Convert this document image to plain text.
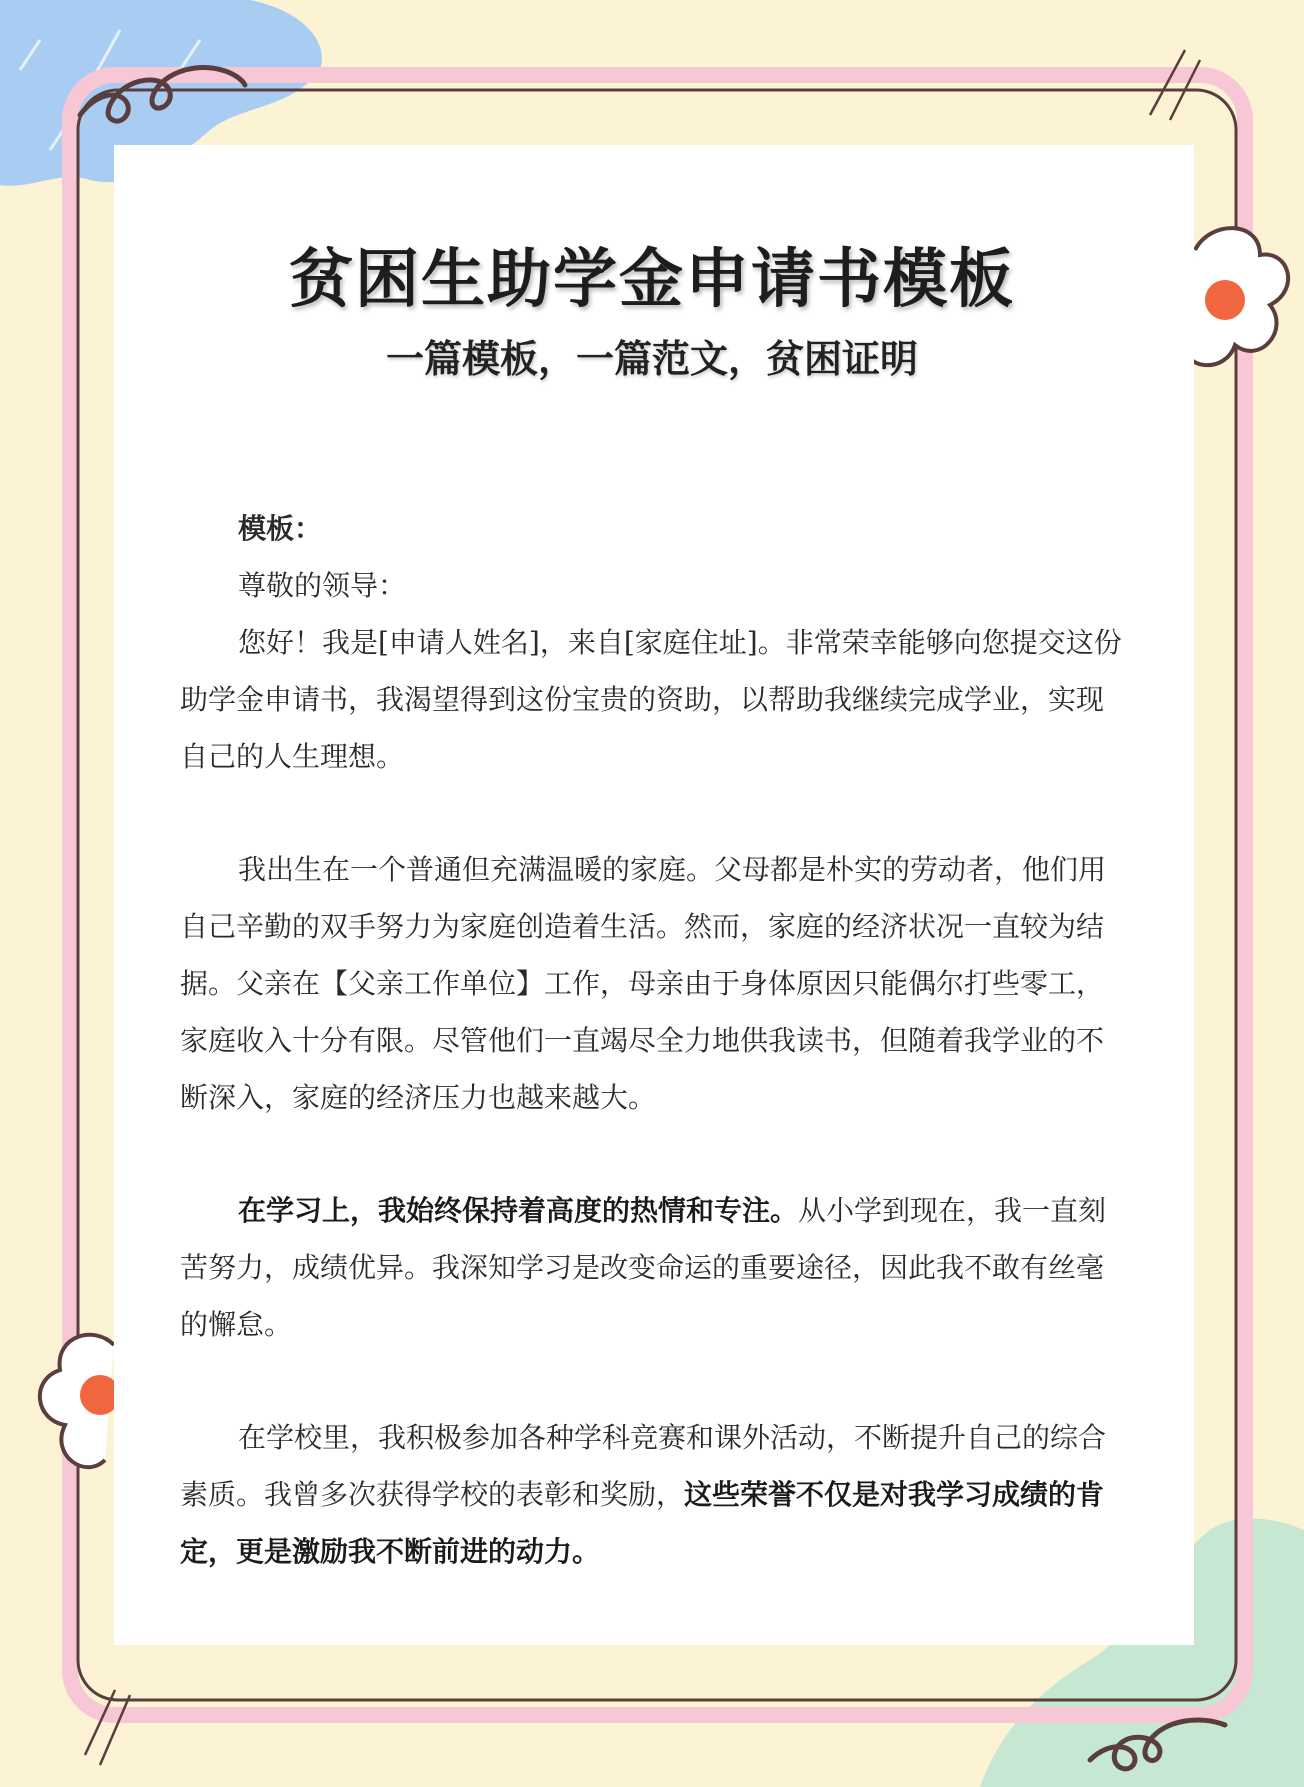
贫困生助学金申请书模板
一篇模板，一篇范文，贫困证明

模板：

尊敬的领导：

您好！我是[申请人姓名]，来自[家庭住址]。非常荣幸能够向您提交这份助学金申请书，我渴望得到这份宝贵的资助，以帮助我继续完成学业，实现自己的人生理想。

我出生在一个普通但充满温暖的家庭。父母都是朴实的劳动者，他们用自己辛勤的双手努力为家庭创造着生活。然而，家庭的经济状况一直较为结据。父亲在【父亲工作单位】工作，母亲由于身体原因只能偶尔打些零工，家庭收入十分有限。尽管他们一直竭尽全力地供我读书，但随着我学业的不断深入，家庭的经济压力也越来越大。

在学习上，我始终保持着高度的热情和专注。从小学到现在，我一直刻苦努力，成绩优异。我深知学习是改变命运的重要途径，因此我不敢有丝毫的懈怠。

在学校里，我积极参加各种学科竞赛和课外活动，不断提升自己的综合素质。我曾多次获得学校的表彰和奖励，这些荣誉不仅是对我学习成绩的肯定，更是激励我不断前进的动力。
